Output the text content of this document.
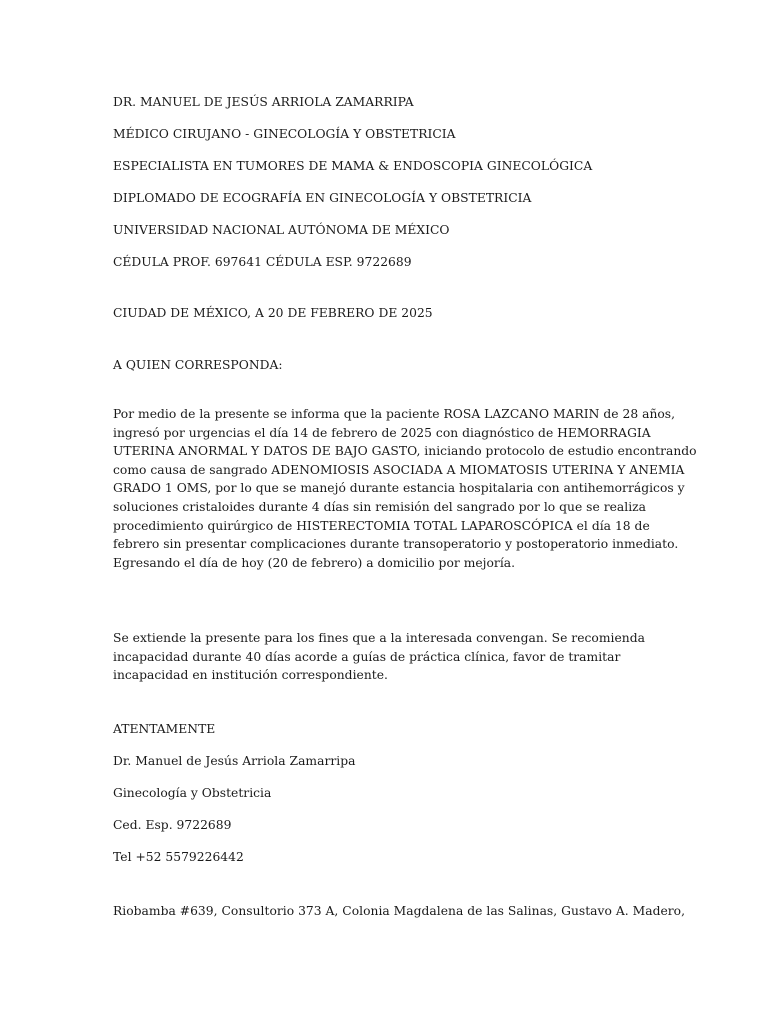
DR. MANUEL DE JESÚS ARRIOLA ZAMARRIPA
MÉDICO CIRUJANO - GINECOLOGÍA Y OBSTETRICIA
ESPECIALISTA EN TUMORES DE MAMA & ENDOSCOPIA GINECOLÓGICA
DIPLOMADO DE ECOGRAFÍA EN GINECOLOGÍA Y OBSTETRICIA
UNIVERSIDAD NACIONAL AUTÓNOMA DE MÉXICO
CÉDULA PROF. 697641 CÉDULA ESP. 9722689
CIUDAD DE MÉXICO, A 20 DE FEBRERO DE 2025
A QUIEN CORRESPONDA:
Por medio de la presente se informa que la paciente ROSA LAZCANO MARIN de 28 años,
ingresó por urgencias el día 14 de febrero de 2025 con diagnóstico de HEMORRAGIA
UTERINA ANORMAL Y DATOS DE BAJO GASTO, iniciando protocolo de estudio encontrando
como causa de sangrado ADENOMIOSIS ASOCIADA A MIOMATOSIS UTERINA Y ANEMIA
GRADO 1 OMS, por lo que se manejó durante estancia hospitalaria con antihemorrágicos y
soluciones cristaloides durante 4 días sin remisión del sangrado por lo que se realiza
procedimiento quirúrgico de HISTERECTOMIA TOTAL LAPAROSCÓPICA el día 18 de
febrero sin presentar complicaciones durante transoperatorio y postoperatorio inmediato.
Egresando el día de hoy (20 de febrero) a domicilio por mejoría.
Se extiende la presente para los fines que a la interesada convengan. Se recomienda
incapacidad durante 40 días acorde a guías de práctica clínica, favor de tramitar
incapacidad en institución correspondiente.
ATENTAMENTE
Dr. Manuel de Jesús Arriola Zamarripa
Ginecología y Obstetricia
Ced. Esp. 9722689
Tel +52 5579226442
Riobamba #639, Consultorio 373 A, Colonia Magdalena de las Salinas, Gustavo A. Madero,
